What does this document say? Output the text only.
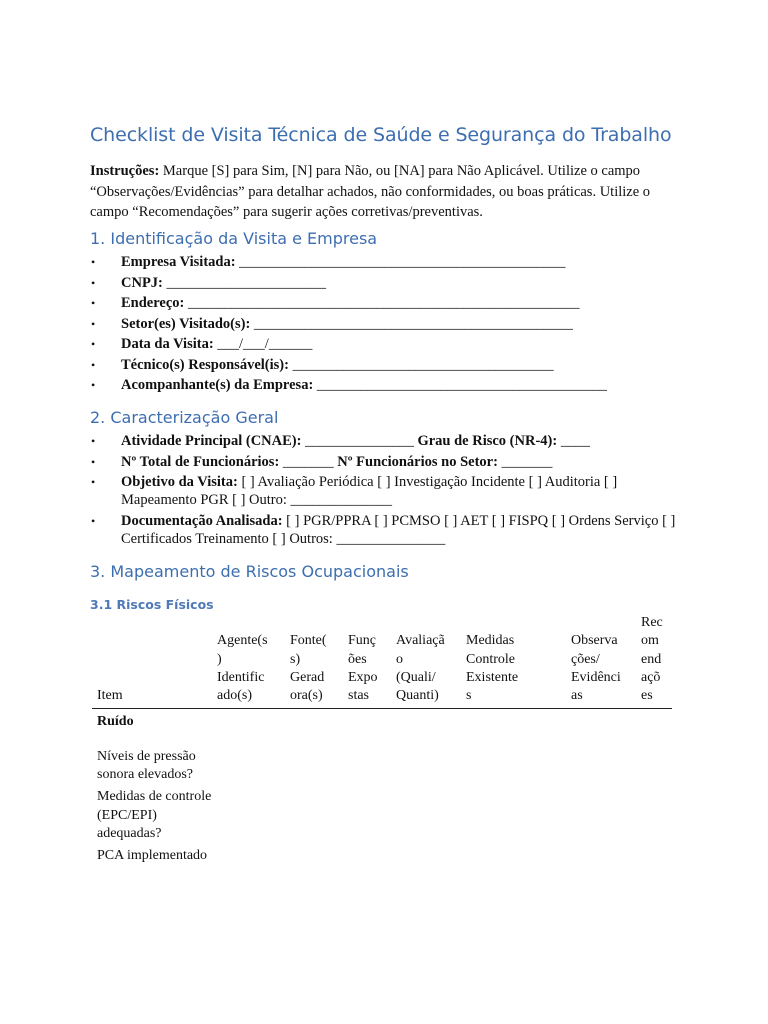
Checklist de Visita Técnica de Saúde e Segurança do Trabalho
Instruções: Marque [S] para Sim, [N] para Não, ou [NA] para Não Aplicável. Utilize o campo “Observações/Evidências” para detalhar achados, não conformidades, ou boas práticas. Utilize o campo “Recomendações” para sugerir ações corretivas/preventivas.
1. Identificação da Visita e Empresa
• Empresa Visitada: _____________________________________________
• CNPJ: ______________________
• Endereço: ______________________________________________________
• Setor(es) Visitado(s): ____________________________________________
• Data da Visita: ___/___/______
• Técnico(s) Responsável(is): ____________________________________
• Acompanhante(s) da Empresa: ________________________________________
2. Caracterização Geral
• Atividade Principal (CNAE): _______________ Grau de Risco (NR-4): ____
• Nº Total de Funcionários: _______ Nº Funcionários no Setor: _______
• Objetivo da Visita: [ ] Avaliação Periódica [ ] Investigação Incidente [ ] Auditoria [ ] Mapeamento PGR [ ] Outro: ______________
• Documentação Analisada: [ ] PGR/PPRA [ ] PCMSO [ ] AET [ ] FISPQ [ ] Ordens Serviço [ ] Certificados Treinamento [ ] Outros: _______________
3. Mapeamento de Riscos Ocupacionais
3.1 Riscos Físicos
Item	Agente(s
)
Identific
ado(s)	Fonte(
s)
Gerad
ora(s)	Funç
ões
Expo
stas	Avaliaçã
o
(Quali/
Quanti)	Medidas
Controle
Existente
s	Observa
ções/
Evidênci
as	Rec
om
end
açõ
es
Ruído							
Níveis de pressão sonora elevados?							
Medidas de controle (EPC/EPI) adequadas?							
PCA implementado							
